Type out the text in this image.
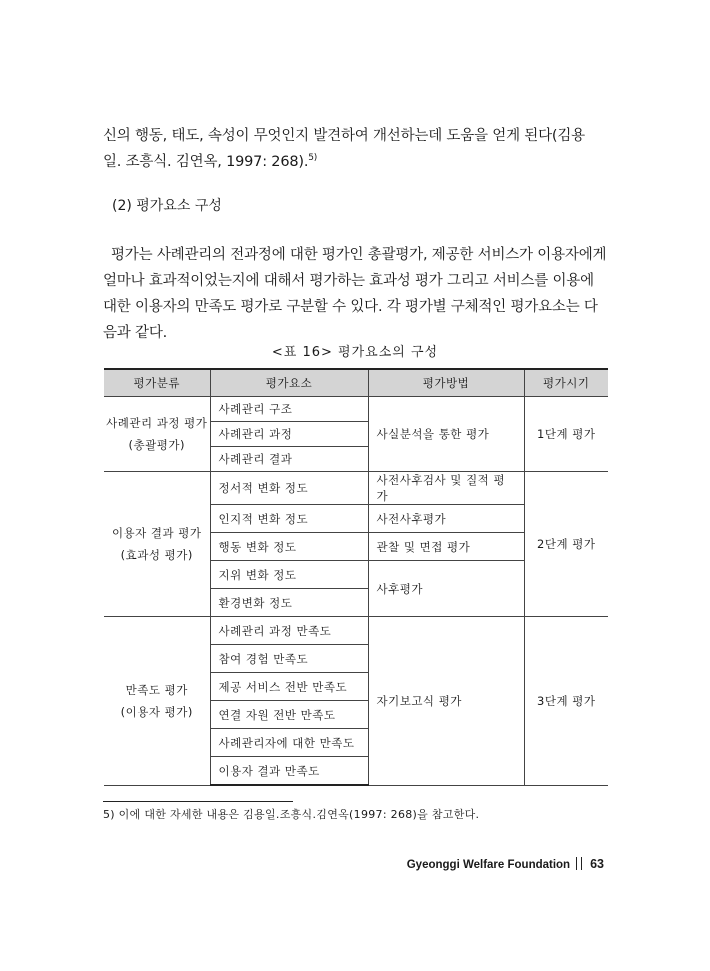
신의 행동, 태도, 속성이 무엇인지 발견하여 개선하는데 도움을 얻게 된다(김용
일. 조흥식. 김연옥, 1997: 268).$^{5)}$

(2) 평가요소 구성

평가는 사례관리의 전과정에 대한 평가인 총괄평가, 제공한 서비스가 이용자에게
얼마나 효과적이었는지에 대해서 평가하는 효과성 평가 그리고 서비스를 이용에
대한 이용자의 만족도 평가로 구분할 수 있다. 각 평가별 구체적인 평가요소는 다
음과 같다.

<표 16> 평가요소의 구성

평가분류	평가요소	평가방법	평가시기

사례관리 과정 평가
(총괄평가)	사례관리 구조	사실분석을 통한 평가	1단계 평가
	사례관리 과정		
	사례관리 결과		

이용자 결과 평가
(효과성 평가)	정서적 변화 정도	사전사후검사 및 질적 평가	2단계 평가
	인지적 변화 정도	사전사후평가	
	행동 변화 정도	관찰 및 면접 평가	
	지위 변화 정도	사후평가	
	환경변화 정도		

만족도 평가
(이용자 평가)	사례관리 과정 만족도	자기보고식 평가	3단계 평가
	참여 경험 만족도		
	제공 서비스 전반 만족도		
	연결 자원 전반 만족도		
	사례관리자에 대한 만족도		
	이용자 결과 만족도		

5) 이에 대한 자세한 내용은 김용일.조흥식.김연옥(1997: 268)을 참고한다.

Gyeonggi Welfare Foundation 63
